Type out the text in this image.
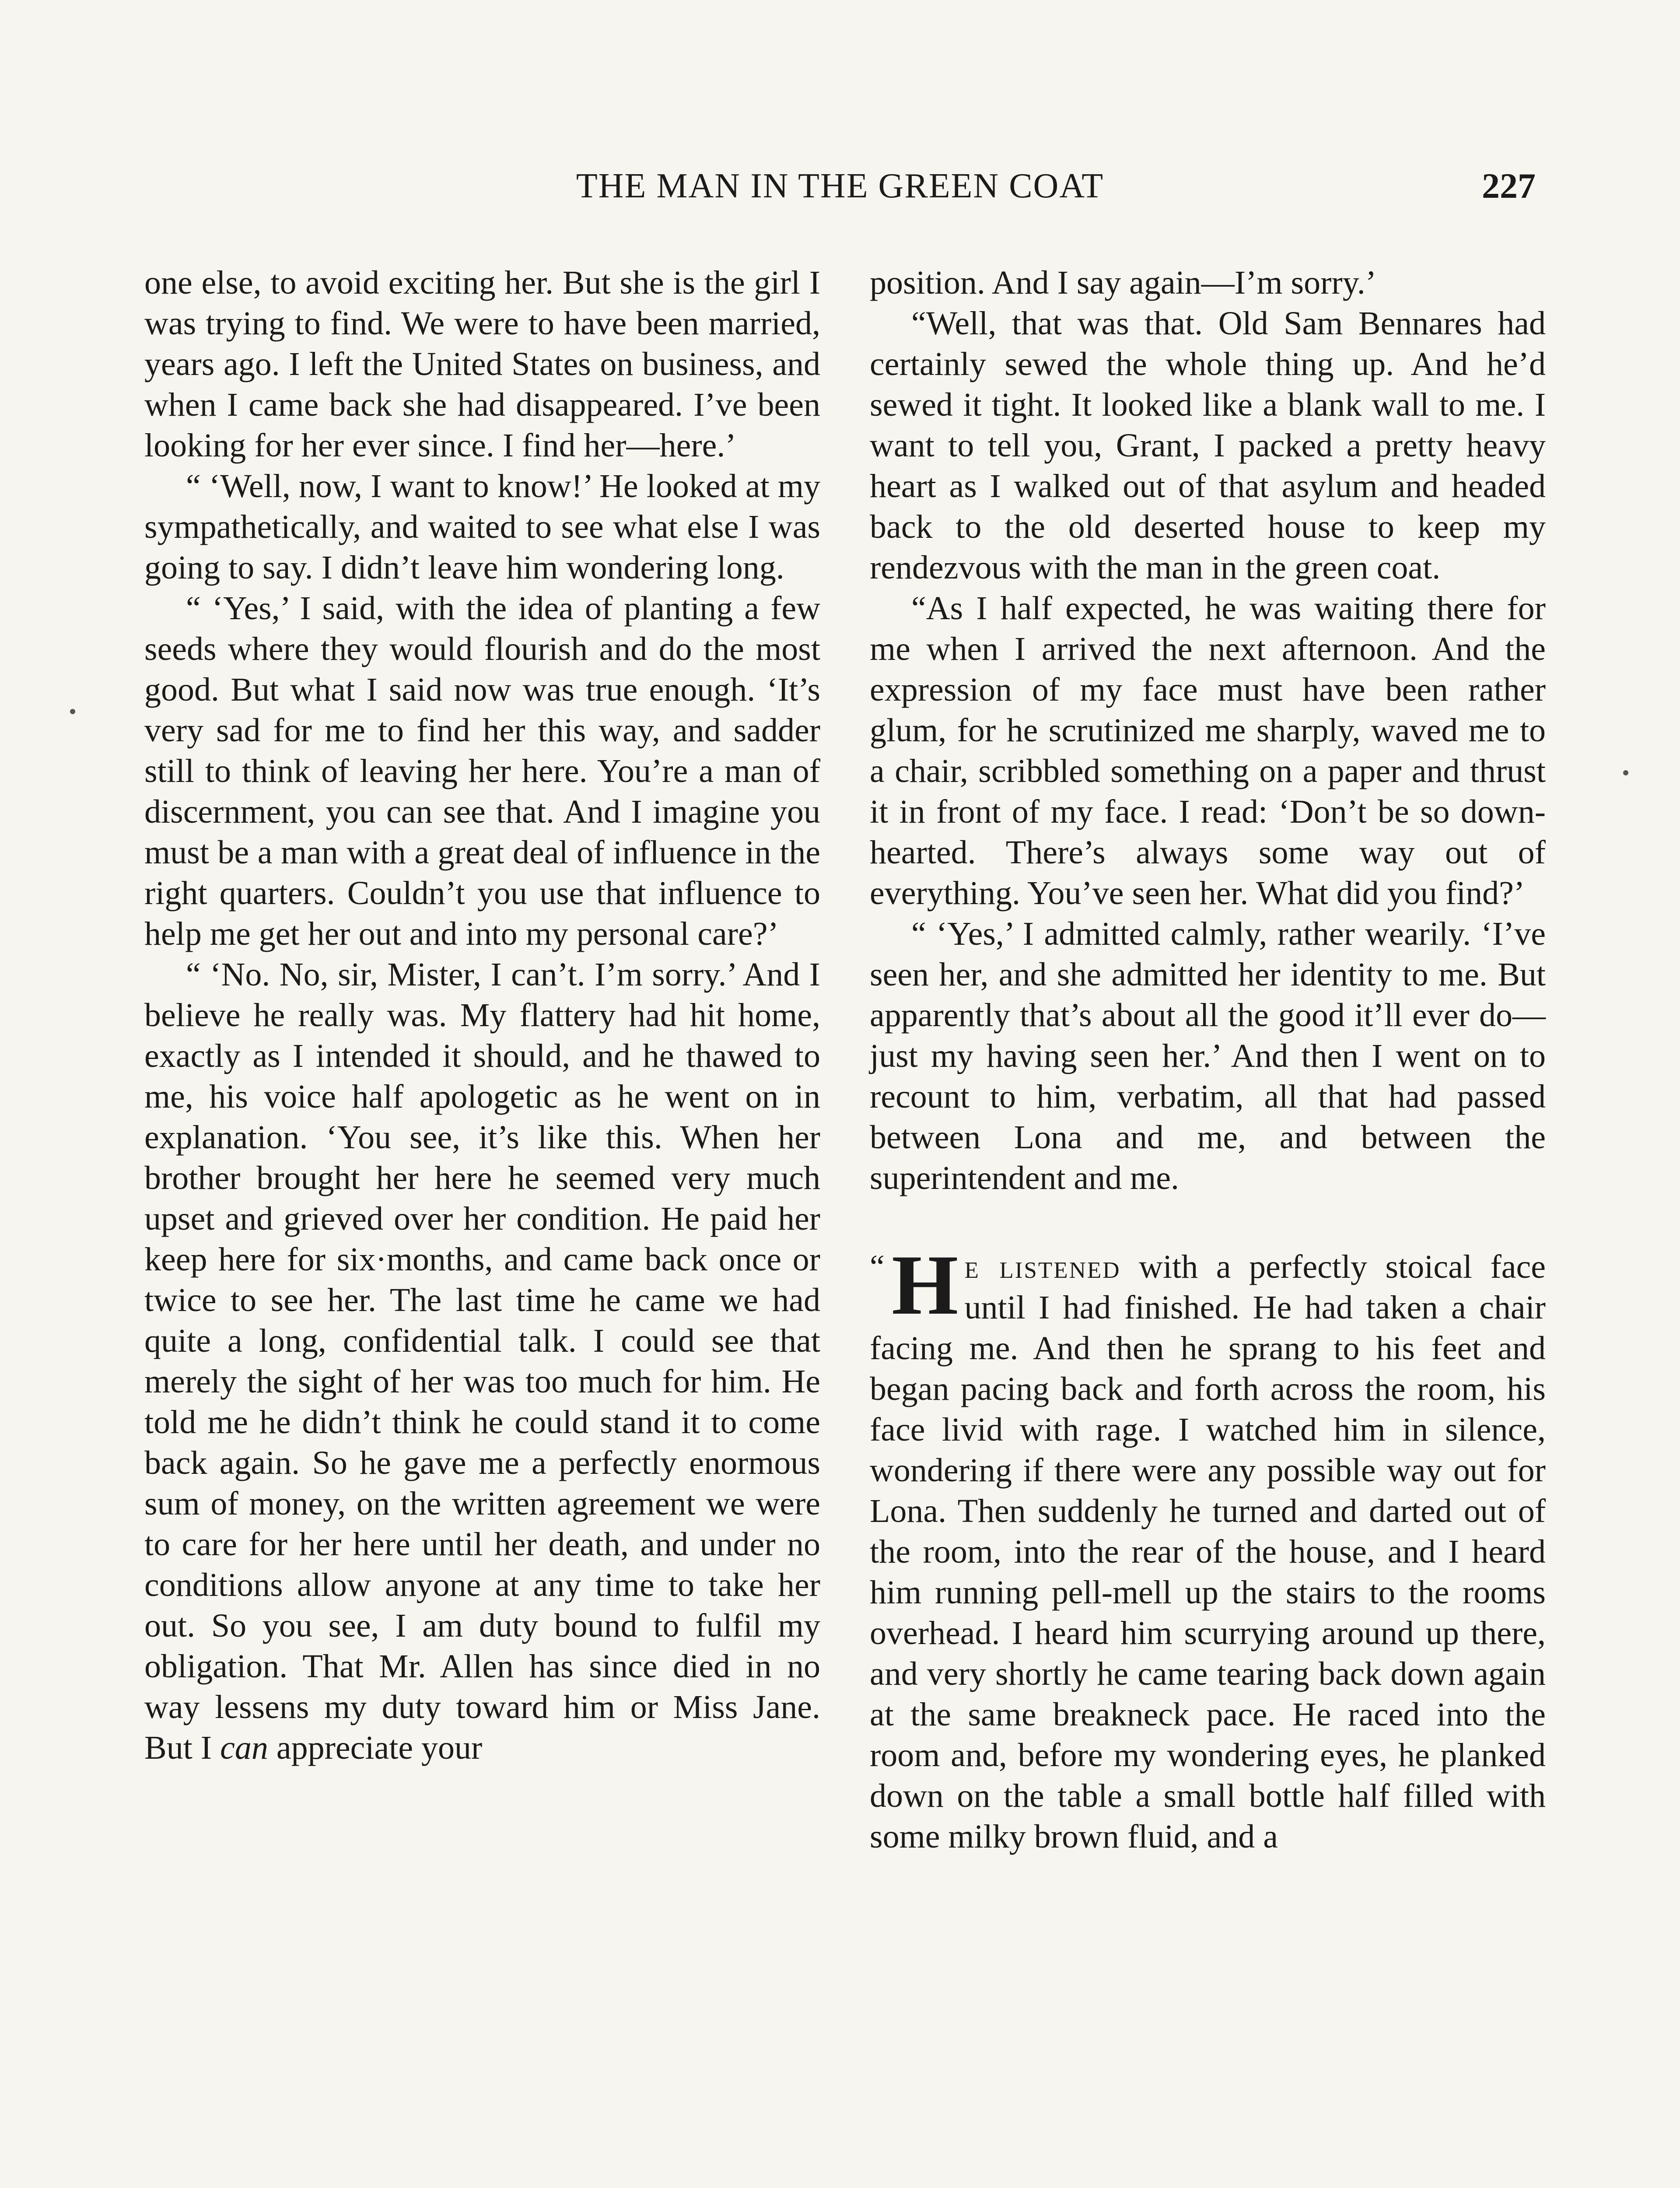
THE MAN IN THE GREEN COAT	227

one else, to avoid exciting her. But she is the girl I was trying to find. We were to have been married, years ago. I left the United States on business, and when I came back she had disappeared. I’ve been looking for her ever since. I find her—here.’

“ ‘Well, now, I want to know!’ He looked at my sympathetically, and waited to see what else I was going to say. I didn’t leave him wondering long.

“ ‘Yes,’ I said, with the idea of planting a few seeds where they would flourish and do the most good. But what I said now was true enough. ‘It’s very sad for me to find her this way, and sadder still to think of leaving her here. You’re a man of discernment, you can see that. And I imagine you must be a man with a great deal of influence in the right quarters. Couldn’t you use that influence to help me get her out and into my personal care?’

“ ‘No. No, sir, Mister, I can’t. I’m sorry.’ And I believe he really was. My flattery had hit home, exactly as I intended it should, and he thawed to me, his voice half apologetic as he went on in explanation. ‘You see, it’s like this. When her brother brought her here he seemed very much upset and grieved over her condition. He paid her keep here for six·months, and came back once or twice to see her. The last time he came we had quite a long, confidential talk. I could see that merely the sight of her was too much for him. He told me he didn’t think he could stand it to come back again. So he gave me a perfectly enormous sum of money, on the written agreement we were to care for her here until her death, and under no conditions allow anyone at any time to take her out. So you see, I am duty bound to fulfil my obligation. That Mr. Allen has since died in no way lessens my duty toward him or Miss Jane. But I can appreciate your

position. And I say again—I’m sorry.’

“Well, that was that. Old Sam Bennares had certainly sewed the whole thing up. And he’d sewed it tight. It looked like a blank wall to me. I want to tell you, Grant, I packed a pretty heavy heart as I walked out of that asylum and headed back to the old deserted house to keep my rendezvous with the man in the green coat.

“As I half expected, he was waiting there for me when I arrived the next afternoon. And the expression of my face must have been rather glum, for he scrutinized me sharply, waved me to a chair, scribbled something on a paper and thrust it in front of my face. I read: ‘Don’t be so down-hearted. There’s always some way out of everything. You’ve seen her. What did you find?’

“ ‘Yes,’ I admitted calmly, rather wearily. ‘I’ve seen her, and she admitted her identity to me. But apparently that’s about all the good it’ll ever do—just my having seen her.’ And then I went on to recount to him, verbatim, all that had passed between Lona and me, and between the superintendent and me.

“ H e listened with a perfectly stoical face until I had finished. He had taken a chair facing me. And then he sprang to his feet and began pacing back and forth across the room, his face livid with rage. I watched him in silence, wondering if there were any possible way out for Lona. Then suddenly he turned and darted out of the room, into the rear of the house, and I heard him running pell-mell up the stairs to the rooms overhead. I heard him scurrying around up there, and very shortly he came tearing back down again at the same breakneck pace. He raced into the room and, before my wondering eyes, he planked down on the table a small bottle half filled with some milky brown fluid, and a
